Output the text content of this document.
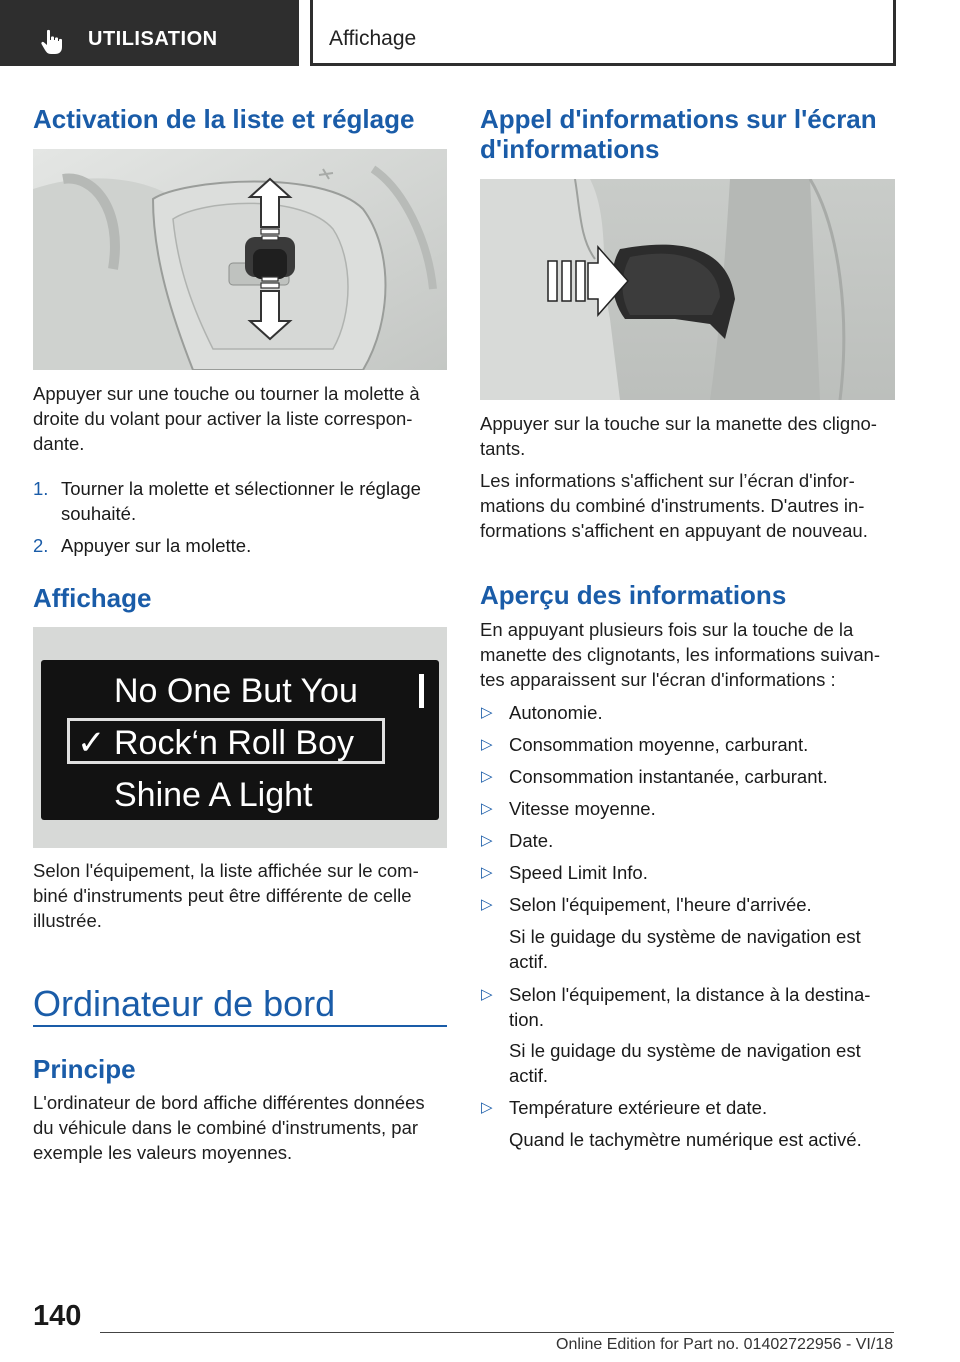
UTILISATION	Affichage
Activation de la liste et réglage

Appuyer sur une touche ou tourner la molette à
droite du volant pour activer la liste correspon‐
dante.

1. Tourner la molette et sélectionner le réglage
souhaité.
2. Appuyer sur la molette.
Affichage
No One But You
✓ Rock‘n Roll Boy
Shine A Light

Selon l'équipement, la liste affichée sur le com‐
biné d'instruments peut être différente de celle
illustrée.

Ordinateur de bord
Principe

L'ordinateur de bord affiche différentes données
du véhicule dans le combiné d'instruments, par
exemple les valeurs moyennes.

Appel d'informations sur l'écran
d'informations

Appuyer sur la touche sur la manette des cligno‐
tants.

Les informations s'affichent sur l’écran d'infor‐
mations du combiné d'instruments. D'autres in‐
formations s'affichent en appuyant de nouveau.

Aperçu des informations

En appuyant plusieurs fois sur la touche de la
manette des clignotants, les informations suivan‐
tes apparaissent sur l'écran d'informations :

▷ Autonomie.
▷ Consommation moyenne, carburant.
▷ Consommation instantanée, carburant.
▷ Vitesse moyenne.
▷ Date.
▷ Speed Limit Info.
▷ Selon l'équipement, l'heure d'arrivée.
Si le guidage du système de navigation est
actif.
▷ Selon l'équipement, la distance à la destina‐
tion.
Si le guidage du système de navigation est
actif.
▷ Température extérieure et date.
Quand le tachymètre numérique est activé.
140
Online Edition for Part no. 01402722956 - VI/18
